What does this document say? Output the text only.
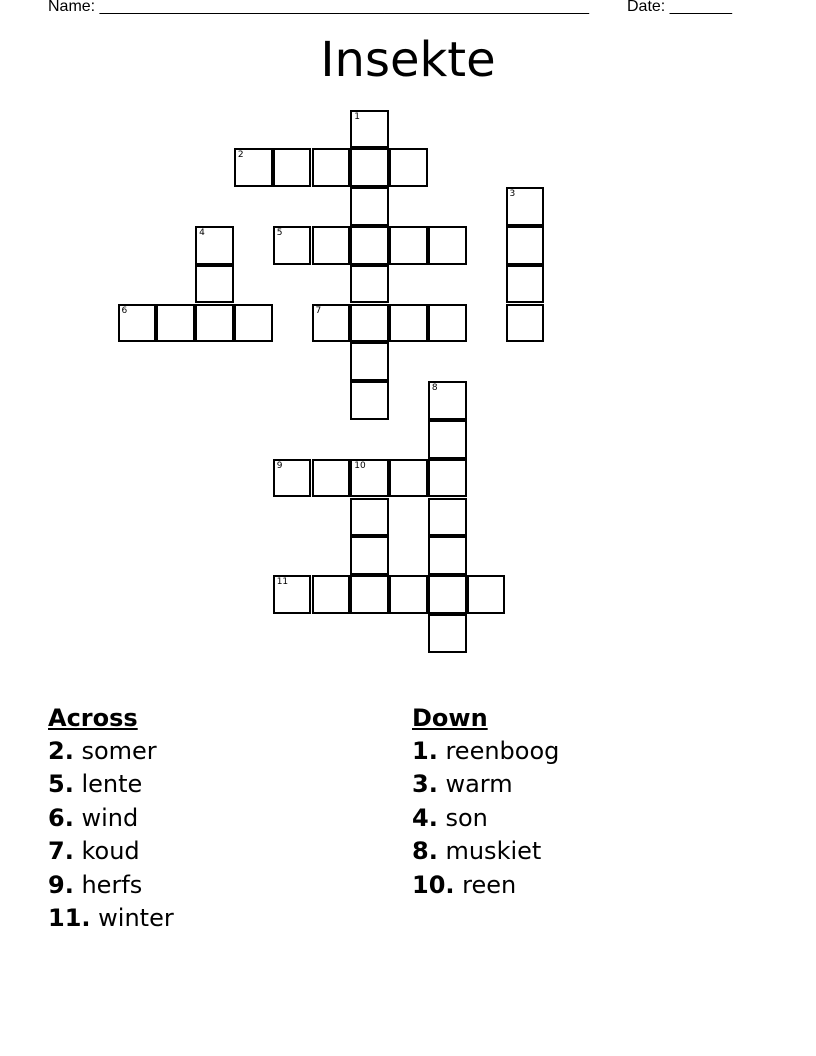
Name: _______________________________________________________ Date: _______
Insekte
1
2
3
4	5
6	7
8
9	10
11
Across
2. somer
5. lente
6. wind
7. koud
9. herfs
11. winter
Down
1. reenboog
3. warm
4. son
8. muskiet
10. reen
